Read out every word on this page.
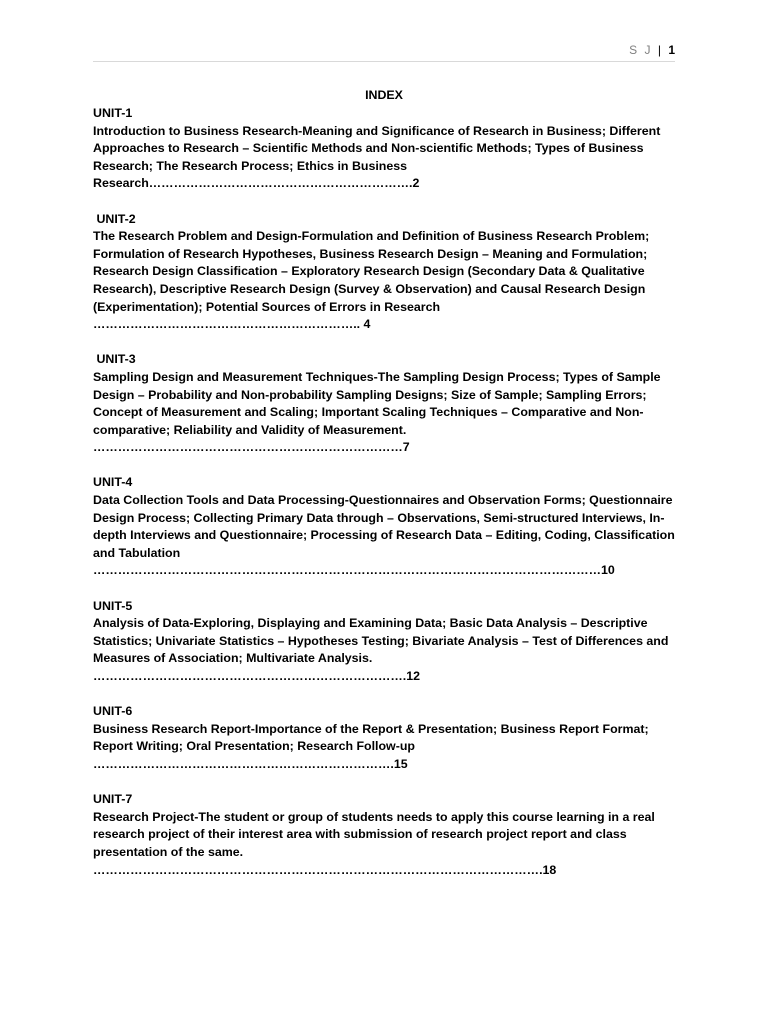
S J | 1
INDEX
UNIT-1
Introduction to Business Research-Meaning and Significance of Research in Business; Different Approaches to Research – Scientific Methods and Non-scientific Methods; Types of Business Research; The Research Process; Ethics in Business Research……………………………………………………….2
UNIT-2
The Research Problem and Design-Formulation and Definition of Business Research Problem; Formulation of Research Hypotheses, Business Research Design – Meaning and Formulation; Research Design Classification – Exploratory Research Design (Secondary Data & Qualitative Research), Descriptive Research Design (Survey & Observation) and Causal Research Design (Experimentation); Potential Sources of Errors in Research ……………………………………………………….. 4
UNIT-3
Sampling Design and Measurement Techniques-The Sampling Design Process; Types of Sample Design – Probability and Non-probability Sampling Designs; Size of Sample; Sampling Errors; Concept of Measurement and Scaling; Important Scaling Techniques – Comparative and Non-comparative; Reliability and Validity of Measurement. …………………………………………………………………7
UNIT-4
Data Collection Tools and Data Processing-Questionnaires and Observation Forms; Questionnaire Design Process; Collecting Primary Data through – Observations, Semi-structured Interviews, In-depth Interviews and Questionnaire; Processing of Research Data – Editing, Coding, Classification and Tabulation ……………………………………………………………………………………………………………10
UNIT-5
Analysis of Data-Exploring, Displaying and Examining Data; Basic Data Analysis – Descriptive Statistics; Univariate Statistics – Hypotheses Testing; Bivariate Analysis – Test of Differences and Measures of Association; Multivariate Analysis. ………………………………………………………………….12
UNIT-6
Business Research Report-Importance of the Report & Presentation; Business Report Format; Report Writing; Oral Presentation; Research Follow-up ……………………………………………………………….15
UNIT-7
Research Project-The student or group of students needs to apply this course learning in a real research project of their interest area with submission of research project report and class presentation of the same. ……………………………………………………………………………………………….18
